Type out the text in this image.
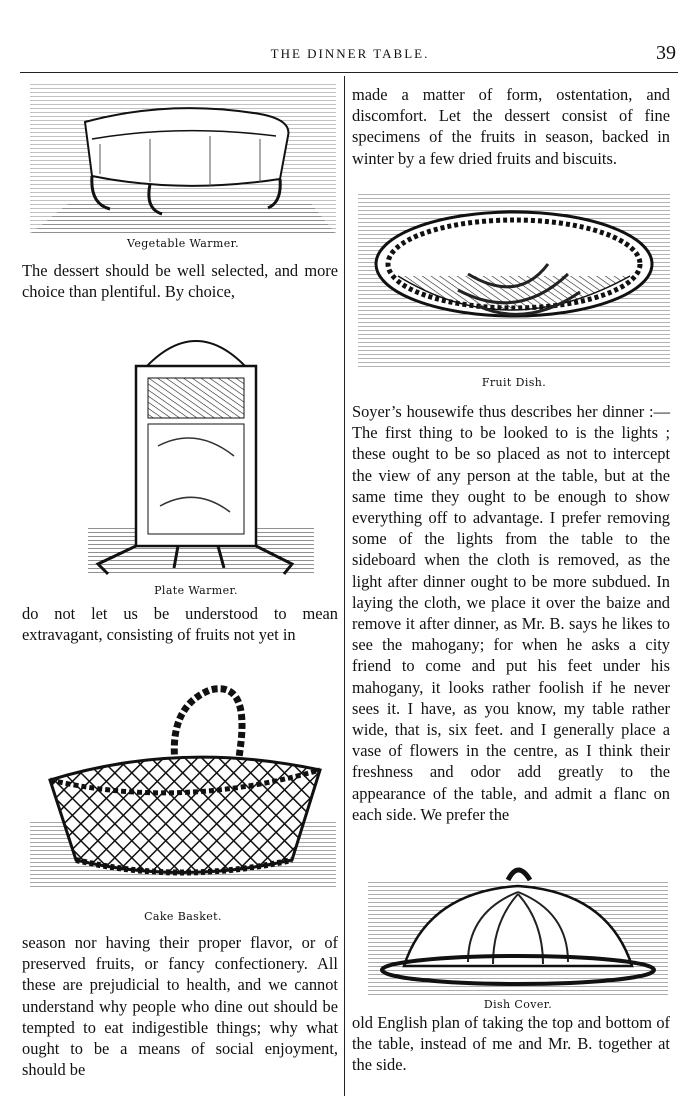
THE DINNER TABLE.	39
Vegetable Warmer.

The dessert should be well selected, and more choice than plentiful. By choice,

Plate Warmer.

do not let us be understood to mean extravagant, consisting of fruits not yet in

Cake Basket.

season nor having their proper flavor, or of preserved fruits, or fancy confectionery. All these are prejudicial to health, and we cannot understand why people who dine out should be tempted to eat indigestible things; why what ought to be a means of social enjoyment, should be

made a matter of form, ostentation, and discomfort. Let the dessert consist of fine specimens of the fruits in season, backed in winter by a few dried fruits and biscuits.

Fruit Dish.

Soyer’s housewife thus describes her dinner :—The first thing to be looked to is the lights ; these ought to be so placed as not to intercept the view of any person at the table, but at the same time they ought to be enough to show everything off to advantage. I prefer removing some of the lights from the table to the sideboard when the cloth is removed, as the light after dinner ought to be more subdued. In laying the cloth, we place it over the baize and remove it after dinner, as Mr. B. says he likes to see the mahogany; for when he asks a city friend to come and put his feet under his mahogany, it looks rather foolish if he never sees it. I have, as you know, my table rather wide, that is, six feet. and I generally place a vase of flowers in the centre, as I think their freshness and odor add greatly to the appearance of the table, and admit a flanc on each side. We prefer the

Dish Cover.

old English plan of taking the top and bottom of the table, instead of me and Mr. B. together at the side.
